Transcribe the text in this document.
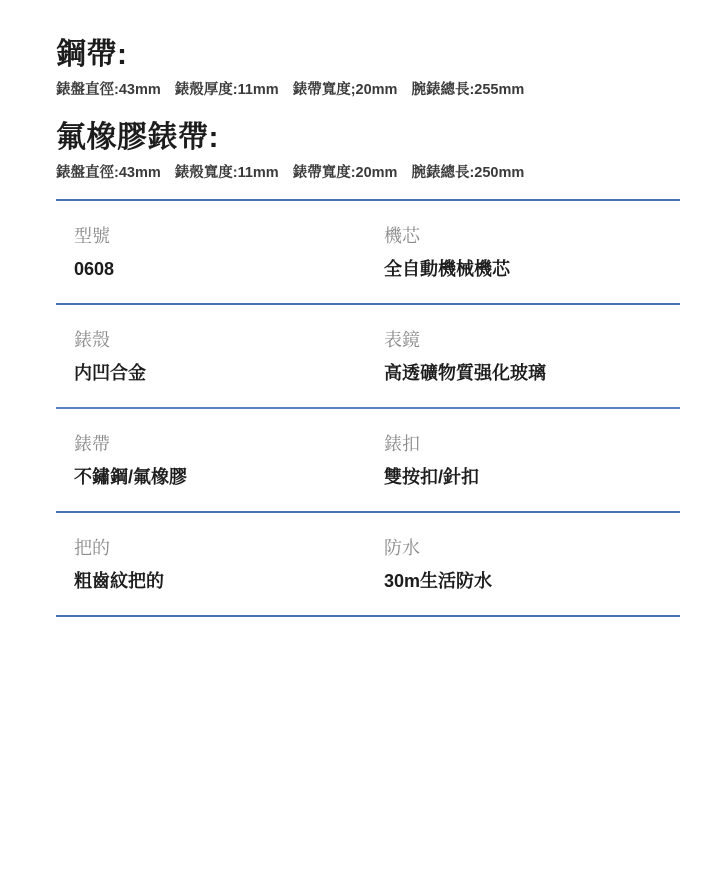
鋼帶:
錶盤直徑:43mm 錶殼厚度:11mm 錶帶寬度;20mm 腕錶總長:255mm
氟橡膠錶帶:
錶盤直徑:43mm 錶殼寬度:11mm 錶帶寬度:20mm 腕錶總長:250mm
型號
0608
機芯
全自動機械機芯
錶殼
内凹合金
表鏡
高透礦物質强化玻璃
錶帶
不鏽鋼/氟橡膠
錶扣
雙按扣/針扣
把的
粗齒紋把的
防水
30m生活防水
